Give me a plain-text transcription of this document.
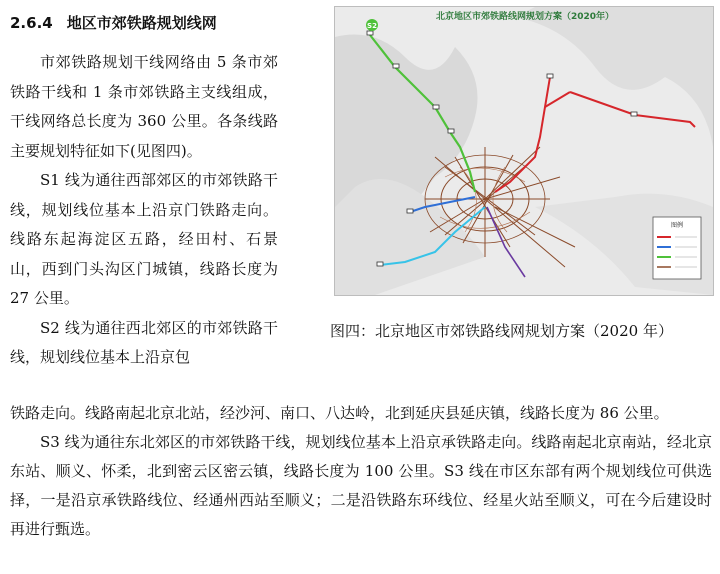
2.6.4 地区市郊铁路规划线网

市郊铁路规划干线网络由 5 条市郊铁路干线和 1 条市郊铁路主支线组成，干线网络总长度为 360 公里。各条线路主要规划特征如下(见图四)。

S1 线为通往西部郊区的市郊铁路干线，规划线位基本上沿京门铁路走向。线路东起海淀区五路，经田村、石景山，西到门头沟区门城镇，线路长度为 27 公里。

S2 线为通往西北郊区的市郊铁路干线，规划线位基本上沿京包

铁路走向。线路南起北京北站，经沙河、南口、八达岭，北到延庆县延庆镇，线路长度为 86 公里。

S3 线为通往东北郊区的市郊铁路干线，规划线位基本上沿京承铁路走向。线路南起北京南站，经北京东站、顺义、怀柔，北到密云区密云镇，线路长度为 100 公里。S3 线在市区东部有两个规划线位可供选择，一是沿京承铁路线位、经通州西站至顺义；二是沿铁路东环线位、经星火站至顺义，可在今后建设时再进行甄选。

北京地区市郊铁路线网规划方案（2020年）
S2
图例
图四：北京地区市郊铁路线网规划方案（2020 年）
